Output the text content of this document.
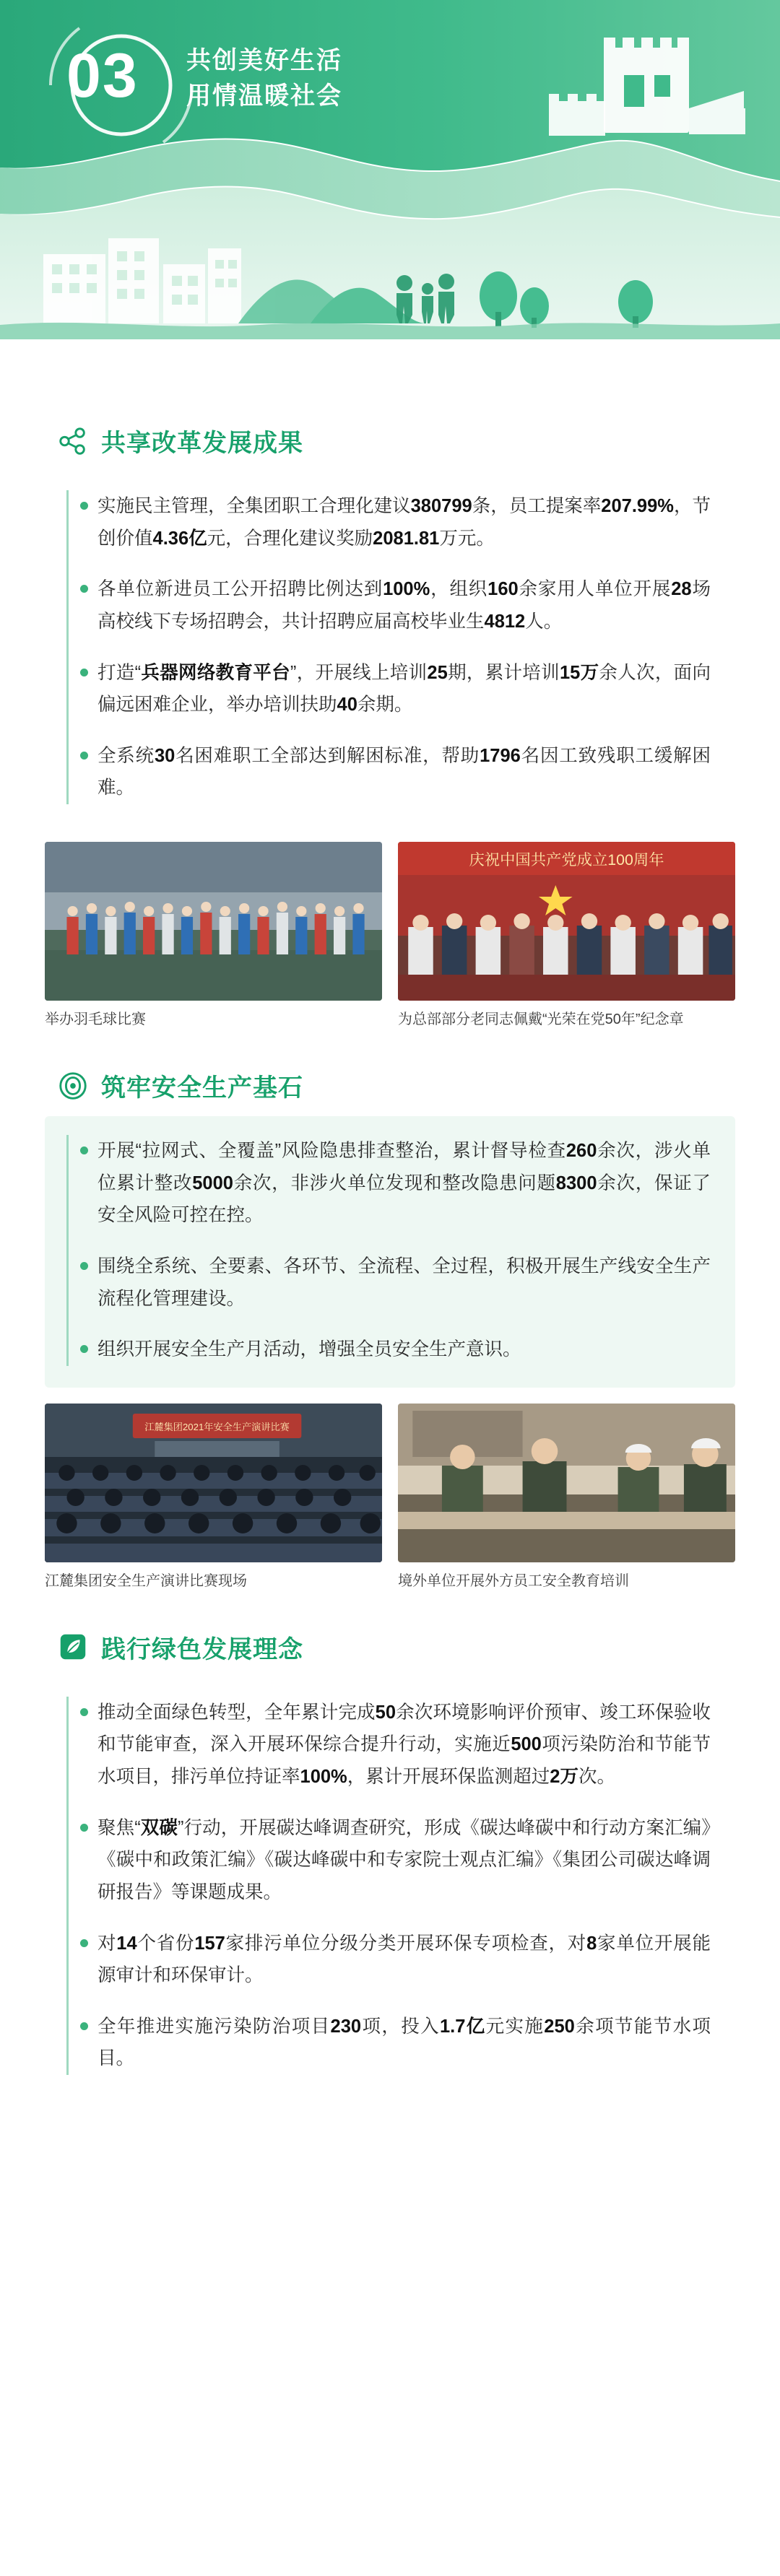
03 共创美好生活
用情温暖社会
共享改革发展成果
实施民主管理，全集团职工合理化建议380799条，员工提案率207.99%，节创价值4.36亿元，合理化建议奖励2081.81万元。
各单位新进员工公开招聘比例达到100%，组织160余家用人单位开展28场高校线下专场招聘会，共计招聘应届高校毕业生4812人。
打造“兵器网络教育平台”，开展线上培训25期，累计培训15万余人次，面向偏远困难企业，举办培训扶助40余期。
全系统30名困难职工全部达到解困标准，帮助1796名因工致残职工缓解困难。
举办羽毛球比赛
庆祝中国共产党成立100周年
为总部部分老同志佩戴“光荣在党50年”纪念章
筑牢安全生产基石
开展“拉网式、全覆盖”风险隐患排查整治，累计督导检查260余次，涉火单位累计整改5000余次，非涉火单位发现和整改隐患问题8300余次，保证了安全风险可控在控。
围绕全系统、全要素、各环节、全流程、全过程，积极开展生产线安全生产流程化管理建设。
组织开展安全生产月活动，增强全员安全生产意识。
江麓集团2021年安全生产演讲比赛
江麓集团安全生产演讲比赛现场	境外单位开展外方员工安全教育培训
践行绿色发展理念
推动全面绿色转型，全年累计完成50余次环境影响评价预审、竣工环保验收和节能审查，深入开展环保综合提升行动，实施近500项污染防治和节能节水项目，排污单位持证率100%，累计开展环保监测超过2万次。
聚焦“双碳”行动，开展碳达峰调查研究，形成《碳达峰碳中和行动方案汇编》《碳中和政策汇编》《碳达峰碳中和专家院士观点汇编》《集团公司碳达峰调研报告》等课题成果。
对14个省份157家排污单位分级分类开展环保专项检查，对8家单位开展能源审计和环保审计。
全年推进实施污染防治项目230项，投入1.7亿元实施250余项节能节水项目。
